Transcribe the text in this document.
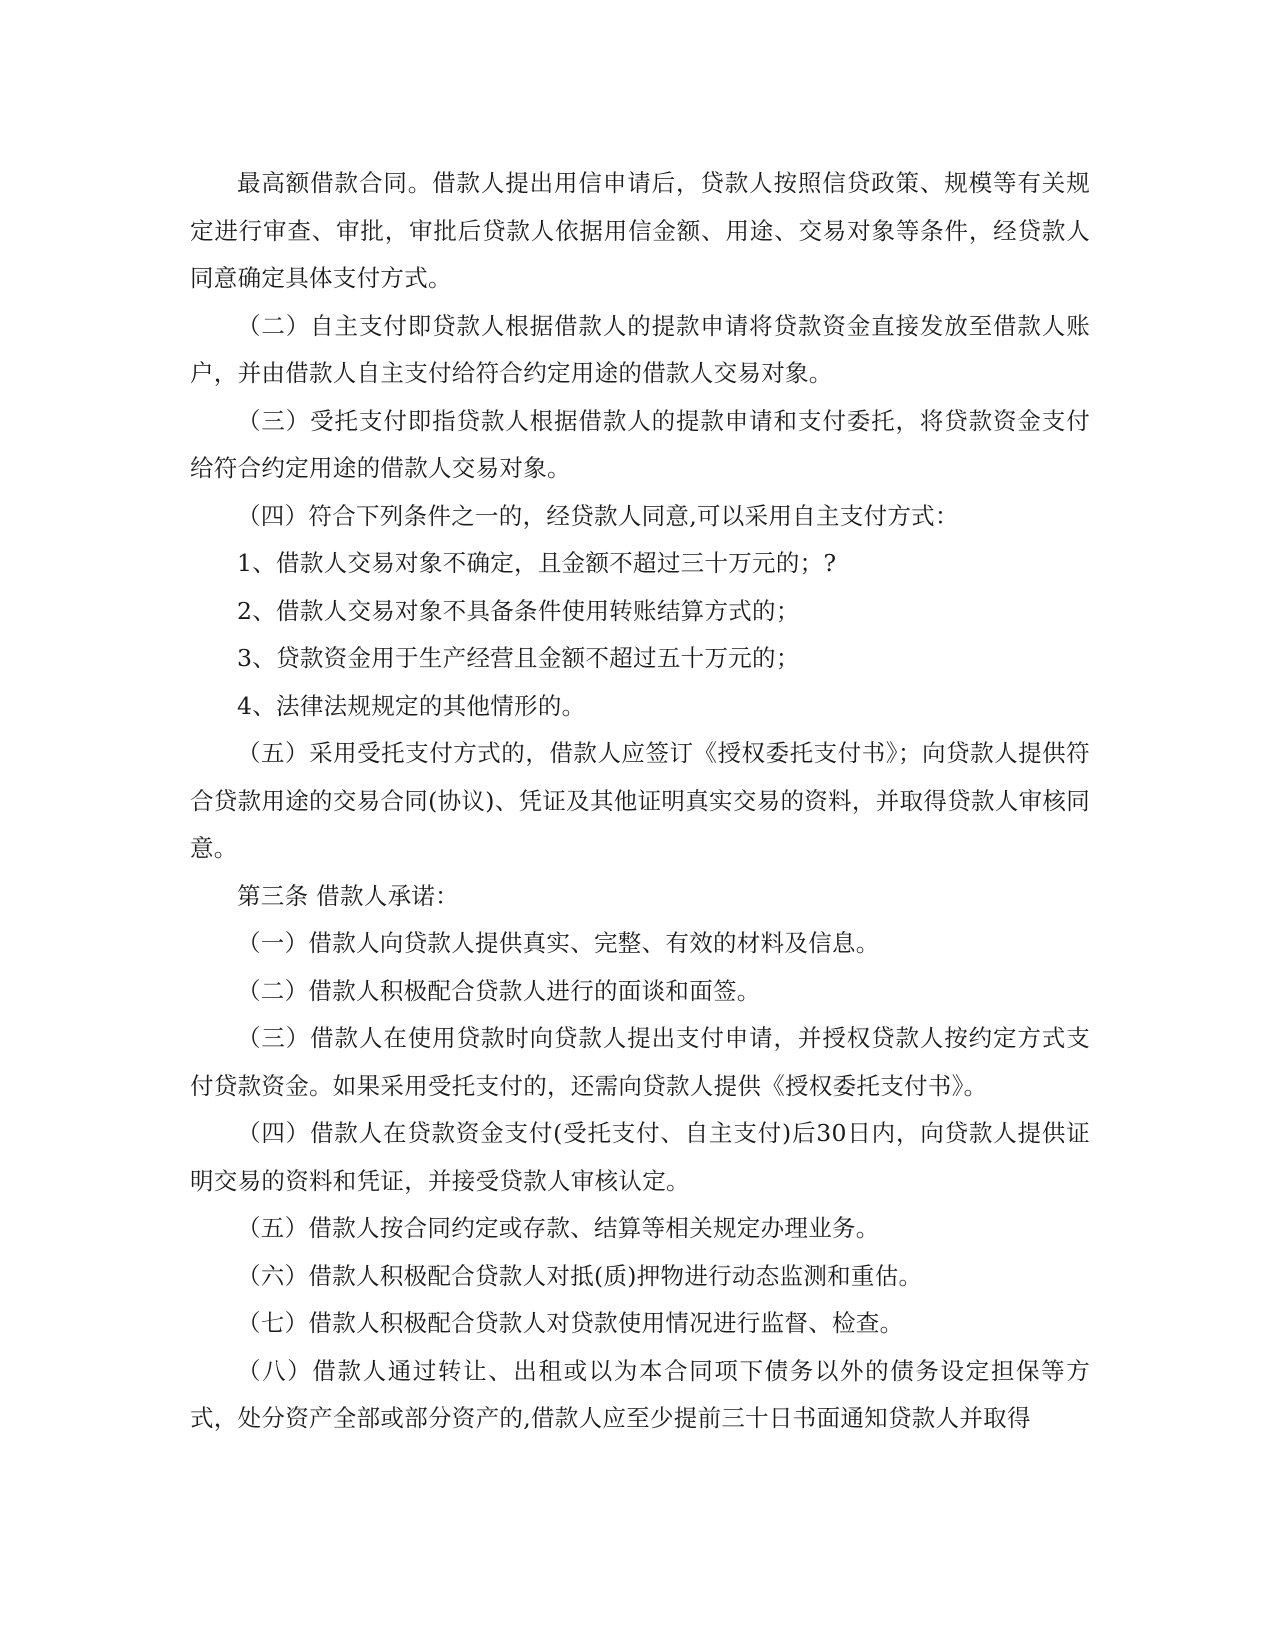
最高额借款合同。借款人提出用信申请后，贷款人按照信贷政策、规模等有关规定进行审查、审批，审批后贷款人依据用信金额、用途、交易对象等条件，经贷款人同意确定具体支付方式。

（二）自主支付即贷款人根据借款人的提款申请将贷款资金直接发放至借款人账户，并由借款人自主支付给符合约定用途的借款人交易对象。

（三）受托支付即指贷款人根据借款人的提款申请和支付委托，将贷款资金支付给符合约定用途的借款人交易对象。

（四）符合下列条件之一的，经贷款人同意,可以采用自主支付方式：

1、借款人交易对象不确定，且金额不超过三十万元的；?

2、借款人交易对象不具备条件使用转账结算方式的；

3、贷款资金用于生产经营且金额不超过五十万元的；

4、法律法规规定的其他情形的。

（五）采用受托支付方式的，借款人应签订《授权委托支付书》；向贷款人提供符合贷款用途的交易合同(协议)、凭证及其他证明真实交易的资料，并取得贷款人审核同意。

第三条 借款人承诺：

（一）借款人向贷款人提供真实、完整、有效的材料及信息。

（二）借款人积极配合贷款人进行的面谈和面签。

（三）借款人在使用贷款时向贷款人提出支付申请，并授权贷款人按约定方式支付贷款资金。如果采用受托支付的，还需向贷款人提供《授权委托支付书》。

（四）借款人在贷款资金支付(受托支付、自主支付)后30日内，向贷款人提供证明交易的资料和凭证，并接受贷款人审核认定。

（五）借款人按合同约定或存款、结算等相关规定办理业务。

（六）借款人积极配合贷款人对抵(质)押物进行动态监测和重估。

（七）借款人积极配合贷款人对贷款使用情况进行监督、检查。

（八）借款人通过转让、出租或以为本合同项下债务以外的债务设定担保等方式，处分资产全部或部分资产的,借款人应至少提前三十日书面通知贷款人并取得
